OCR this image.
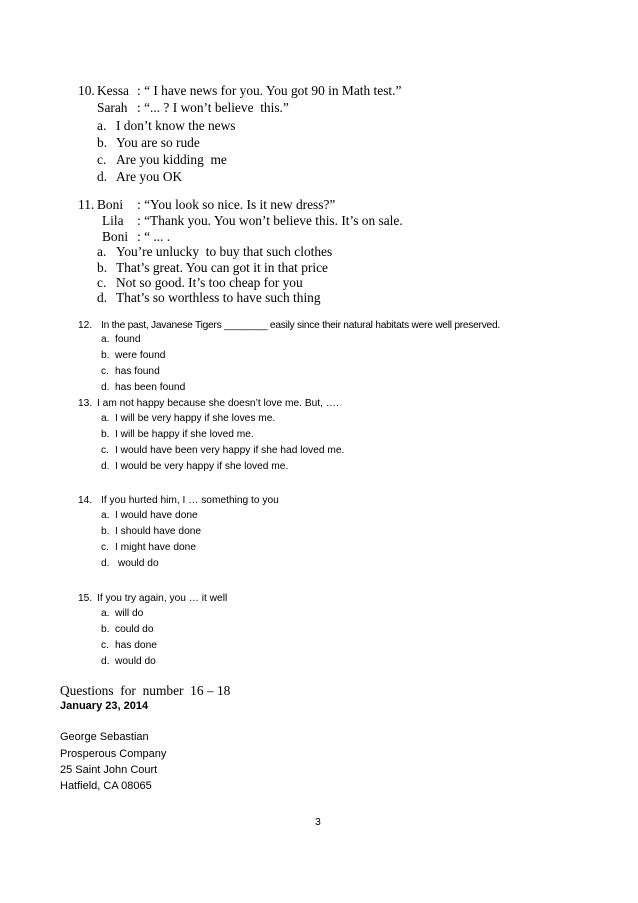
10. Kessa : “ I have news for you. You got 90 in Math test.”
Sarah : “... ? I won’t believe  this.”
a. I don’t know the news
b. You are so rude
c. Are you kidding  me
d. Are you OK
11. Boni : “You look so nice. Is it new dress?”
Lila : “Thank you. You won’t believe this. It’s on sale.
Boni : “ ... .
a. You’re unlucky  to buy that such clothes
b. That’s great. You can got it in that price
c. Not so good. It’s too cheap for you
d. That’s so worthless to have such thing
12. In the past, Javanese Tigers ________ easily since their natural habitats were well preserved.
a. found
b. were found
c. has found
d. has been found
13. I am not happy because she doesn’t love me. But, ….
a. I will be very happy if she loves me.
b. I will be happy if she loved me.
c. I would have been very happy if she had loved me.
d. I would be very happy if she loved me.
14. If you hurted him, I … something to you
a. I would have done
b. I should have done
c. I might have done
d. would do
15. If you try again, you … it well
a. will do
b. could do
c. has done
d. would do
Questions  for  number  16 – 18
January 23, 2014
George Sebastian
Prosperous Company
25 Saint John Court
Hatfield, CA 08065
3
